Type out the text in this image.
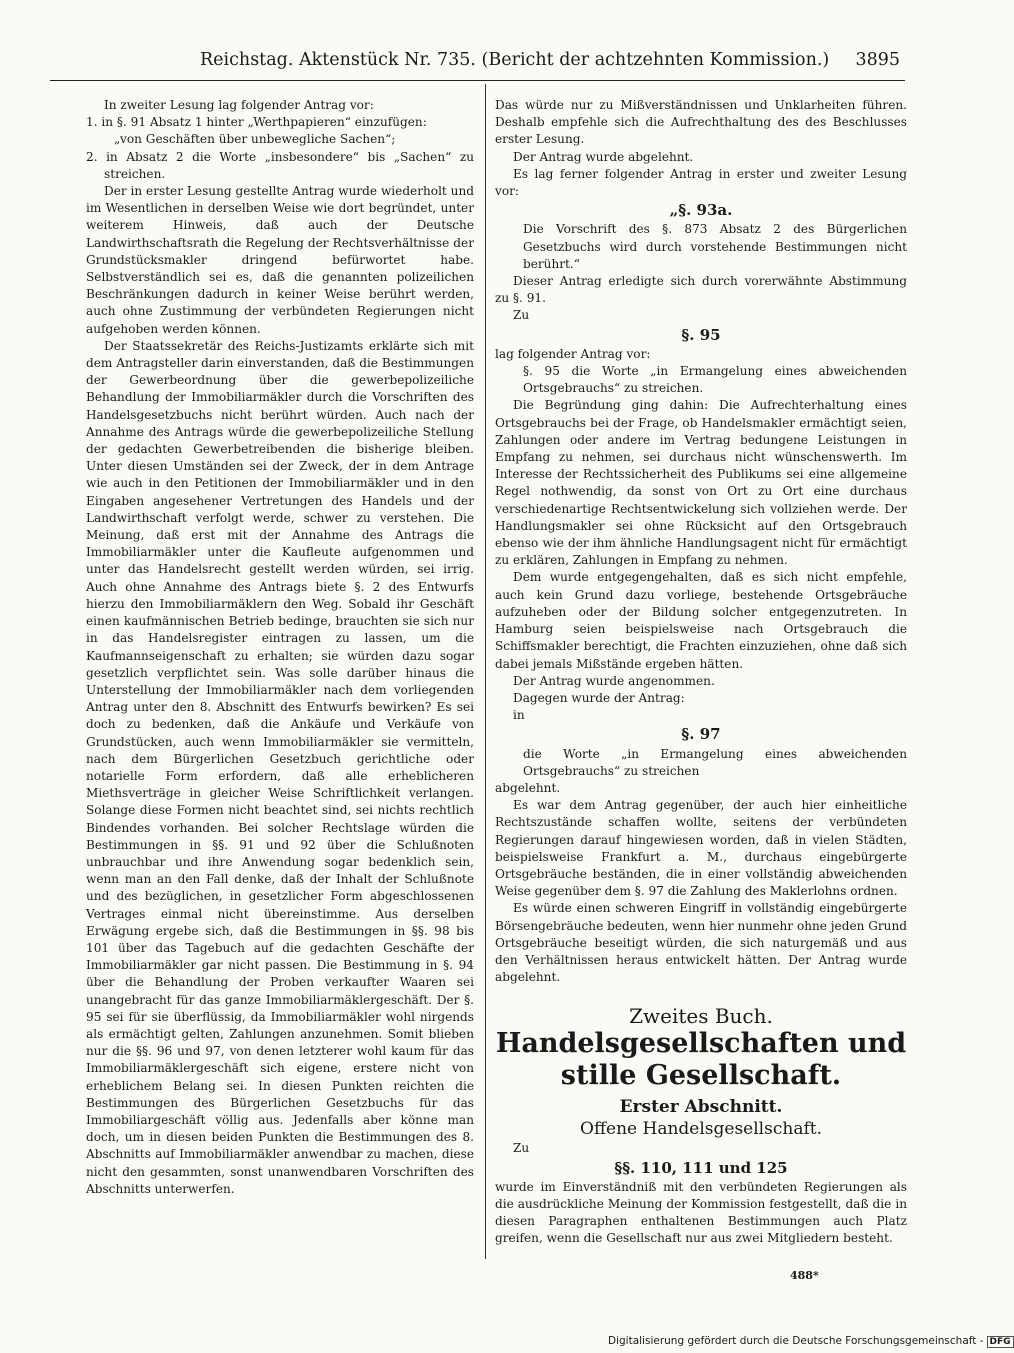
Reichstag. Aktenstück Nr. 735. (Bericht der achtzehnten Kommission.) 3895

In zweiter Lesung lag folgender Antrag vor:

1. in §. 91 Absatz 1 hinter „Werthpapieren“ einzufügen:

„von Geschäften über unbewegliche Sachen“;

2. in Absatz 2 die Worte „insbesondere“ bis „Sachen“ zu streichen.

Der in erster Lesung gestellte Antrag wurde wiederholt und im Wesentlichen in derselben Weise wie dort begründet, unter weiterem Hinweis, daß auch der Deutsche Landwirthschaftsrath die Regelung der Rechtsverhältnisse der Grundstücksmakler dringend befürwortet habe. Selbstverständlich sei es, daß die genannten polizeilichen Beschränkungen dadurch in keiner Weise berührt werden, auch ohne Zustimmung der verbündeten Regierungen nicht aufgehoben werden können.

Der Staatssekretär des Reichs-Justizamts erklärte sich mit dem Antragsteller darin einverstanden, daß die Bestimmungen der Gewerbeordnung über die gewerbepolizeiliche Behandlung der Immobiliarmäkler durch die Vorschriften des Handelsgesetzbuchs nicht berührt würden. Auch nach der Annahme des Antrags würde die gewerbepolizeiliche Stellung der gedachten Gewerbetreibenden die bisherige bleiben. Unter diesen Umständen sei der Zweck, der in dem Antrage wie auch in den Petitionen der Immobiliarmäkler und in den Eingaben angesehener Vertretungen des Handels und der Landwirthschaft verfolgt werde, schwer zu verstehen. Die Meinung, daß erst mit der Annahme des Antrags die Immobiliarmäkler unter die Kaufleute aufgenommen und unter das Handelsrecht gestellt werden würden, sei irrig. Auch ohne Annahme des Antrags biete §. 2 des Entwurfs hierzu den Immobiliarmäklern den Weg. Sobald ihr Geschäft einen kaufmännischen Betrieb bedinge, brauchten sie sich nur in das Handelsregister eintragen zu lassen, um die Kaufmannseigenschaft zu erhalten; sie würden dazu sogar gesetzlich verpflichtet sein. Was solle darüber hinaus die Unterstellung der Immobiliarmäkler nach dem vorliegenden Antrag unter den 8. Abschnitt des Entwurfs bewirken? Es sei doch zu bedenken, daß die Ankäufe und Verkäufe von Grundstücken, auch wenn Immobiliarmäkler sie vermitteln, nach dem Bürgerlichen Gesetzbuch gerichtliche oder notarielle Form erfordern, daß alle erheblicheren Miethsverträge in gleicher Weise Schriftlichkeit verlangen. Solange diese Formen nicht beachtet sind, sei nichts rechtlich Bindendes vorhanden. Bei solcher Rechtslage würden die Bestimmungen in §§. 91 und 92 über die Schlußnoten unbrauchbar und ihre Anwendung sogar bedenklich sein, wenn man an den Fall denke, daß der Inhalt der Schlußnote und des bezüglichen, in gesetzlicher Form abgeschlossenen Vertrages einmal nicht übereinstimme. Aus derselben Erwägung ergebe sich, daß die Bestimmungen in §§. 98 bis 101 über das Tagebuch auf die gedachten Geschäfte der Immobiliarmäkler gar nicht passen. Die Bestimmung in §. 94 über die Behandlung der Proben verkaufter Waaren sei unangebracht für das ganze Immobiliarmäklergeschäft. Der §. 95 sei für sie überflüssig, da Immobiliarmäkler wohl nirgends als ermächtigt gelten, Zahlungen anzunehmen. Somit blieben nur die §§. 96 und 97, von denen letzterer wohl kaum für das Immobiliarmäklergeschäft sich eigene, erstere nicht von erheblichem Belang sei. In diesen Punkten reichten die Bestimmungen des Bürgerlichen Gesetzbuchs für das Immobiliargeschäft völlig aus. Jedenfalls aber könne man doch, um in diesen beiden Punkten die Bestimmungen des 8. Abschnitts auf Immobiliarmäkler anwendbar zu machen, diese nicht den gesammten, sonst unanwendbaren Vorschriften des Abschnitts unterwerfen.

Das würde nur zu Mißverständnissen und Unklarheiten führen. Deshalb empfehle sich die Aufrechthaltung des des Beschlusses erster Lesung.

Der Antrag wurde abgelehnt.

Es lag ferner folgender Antrag in erster und zweiter Lesung vor:

„§. 93a.

Die Vorschrift des §. 873 Absatz 2 des Bürgerlichen Gesetzbuchs wird durch vorstehende Bestimmungen nicht berührt.“

Dieser Antrag erledigte sich durch vorerwähnte Abstimmung zu §. 91.

Zu

§. 95

lag folgender Antrag vor:

§. 95 die Worte „in Ermangelung eines abweichenden Ortsgebrauchs“ zu streichen.

Die Begründung ging dahin: Die Aufrechterhaltung eines Ortsgebrauchs bei der Frage, ob Handelsmakler ermächtigt seien, Zahlungen oder andere im Vertrag bedungene Leistungen in Empfang zu nehmen, sei durchaus nicht wünschenswerth. Im Interesse der Rechtssicherheit des Publikums sei eine allgemeine Regel nothwendig, da sonst von Ort zu Ort eine durchaus verschiedenartige Rechtsentwickelung sich vollziehen werde. Der Handlungsmakler sei ohne Rücksicht auf den Ortsgebrauch ebenso wie der ihm ähnliche Handlungsagent nicht für ermächtigt zu erklären, Zahlungen in Empfang zu nehmen.

Dem wurde entgegengehalten, daß es sich nicht empfehle, auch kein Grund dazu vorliege, bestehende Ortsgebräuche aufzuheben oder der Bildung solcher entgegenzutreten. In Hamburg seien beispielsweise nach Ortsgebrauch die Schiffsmakler berechtigt, die Frachten einzuziehen, ohne daß sich dabei jemals Mißstände ergeben hätten.

Der Antrag wurde angenommen.

Dagegen wurde der Antrag:

in

§. 97

die Worte „in Ermangelung eines abweichenden Ortsgebrauchs“ zu streichen

abgelehnt.

Es war dem Antrag gegenüber, der auch hier einheitliche Rechtszustände schaffen wollte, seitens der verbündeten Regierungen darauf hingewiesen worden, daß in vielen Städten, beispielsweise Frankfurt a. M., durchaus eingebürgerte Ortsgebräuche beständen, die in einer vollständig abweichenden Weise gegenüber dem §. 97 die Zahlung des Maklerlohns ordnen.

Es würde einen schweren Eingriff in vollständig eingebürgerte Börsengebräuche bedeuten, wenn hier nunmehr ohne jeden Grund Ortsgebräuche beseitigt würden, die sich naturgemäß und aus den Verhältnissen heraus entwickelt hätten. Der Antrag wurde abgelehnt.

Zweites Buch.

Handelsgesellschaften und stille Gesellschaft.

Erster Abschnitt.

Offene Handelsgesellschaft.

Zu

§§. 110, 111 und 125

wurde im Einverständniß mit den verbündeten Regierungen als die ausdrückliche Meinung der Kommission festgestellt, daß die in diesen Paragraphen enthaltenen Bestimmungen auch Platz greifen, wenn die Gesellschaft nur aus zwei Mitgliedern besteht.

488*
Digitalisierung gefördert durch die Deutsche Forschungsgemeinschaft - DFG
